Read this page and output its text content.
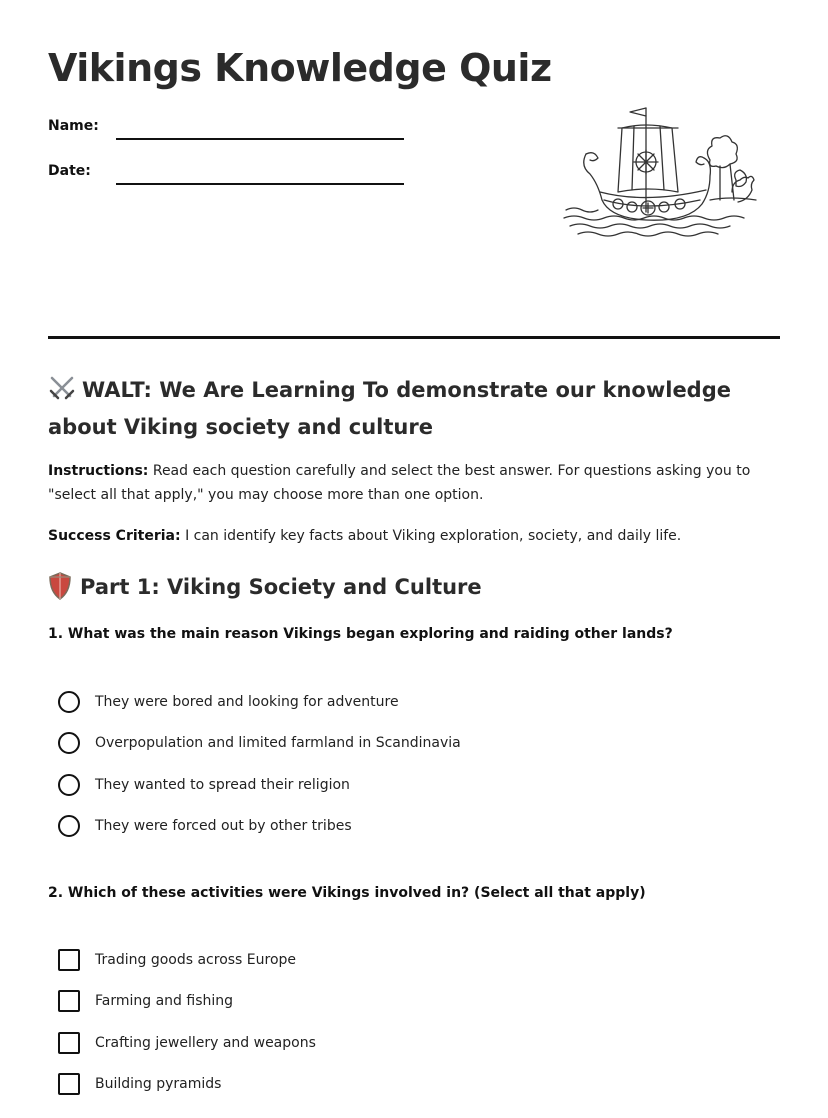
Vikings Knowledge Quiz
Name:
Date:
WALT: We Are Learning To demonstrate our knowledge about Viking society and culture
Instructions: Read each question carefully and select the best answer. For questions asking you to "select all that apply," you may choose more than one option.
Success Criteria: I can identify key facts about Viking exploration, society, and daily life.
Part 1: Viking Society and Culture
1. What was the main reason Vikings began exploring and raiding other lands?
They were bored and looking for adventure
Overpopulation and limited farmland in Scandinavia
They wanted to spread their religion
They were forced out by other tribes
2. Which of these activities were Vikings involved in? (Select all that apply)
Trading goods across Europe
Farming and fishing
Crafting jewellery and weapons
Building pyramids
